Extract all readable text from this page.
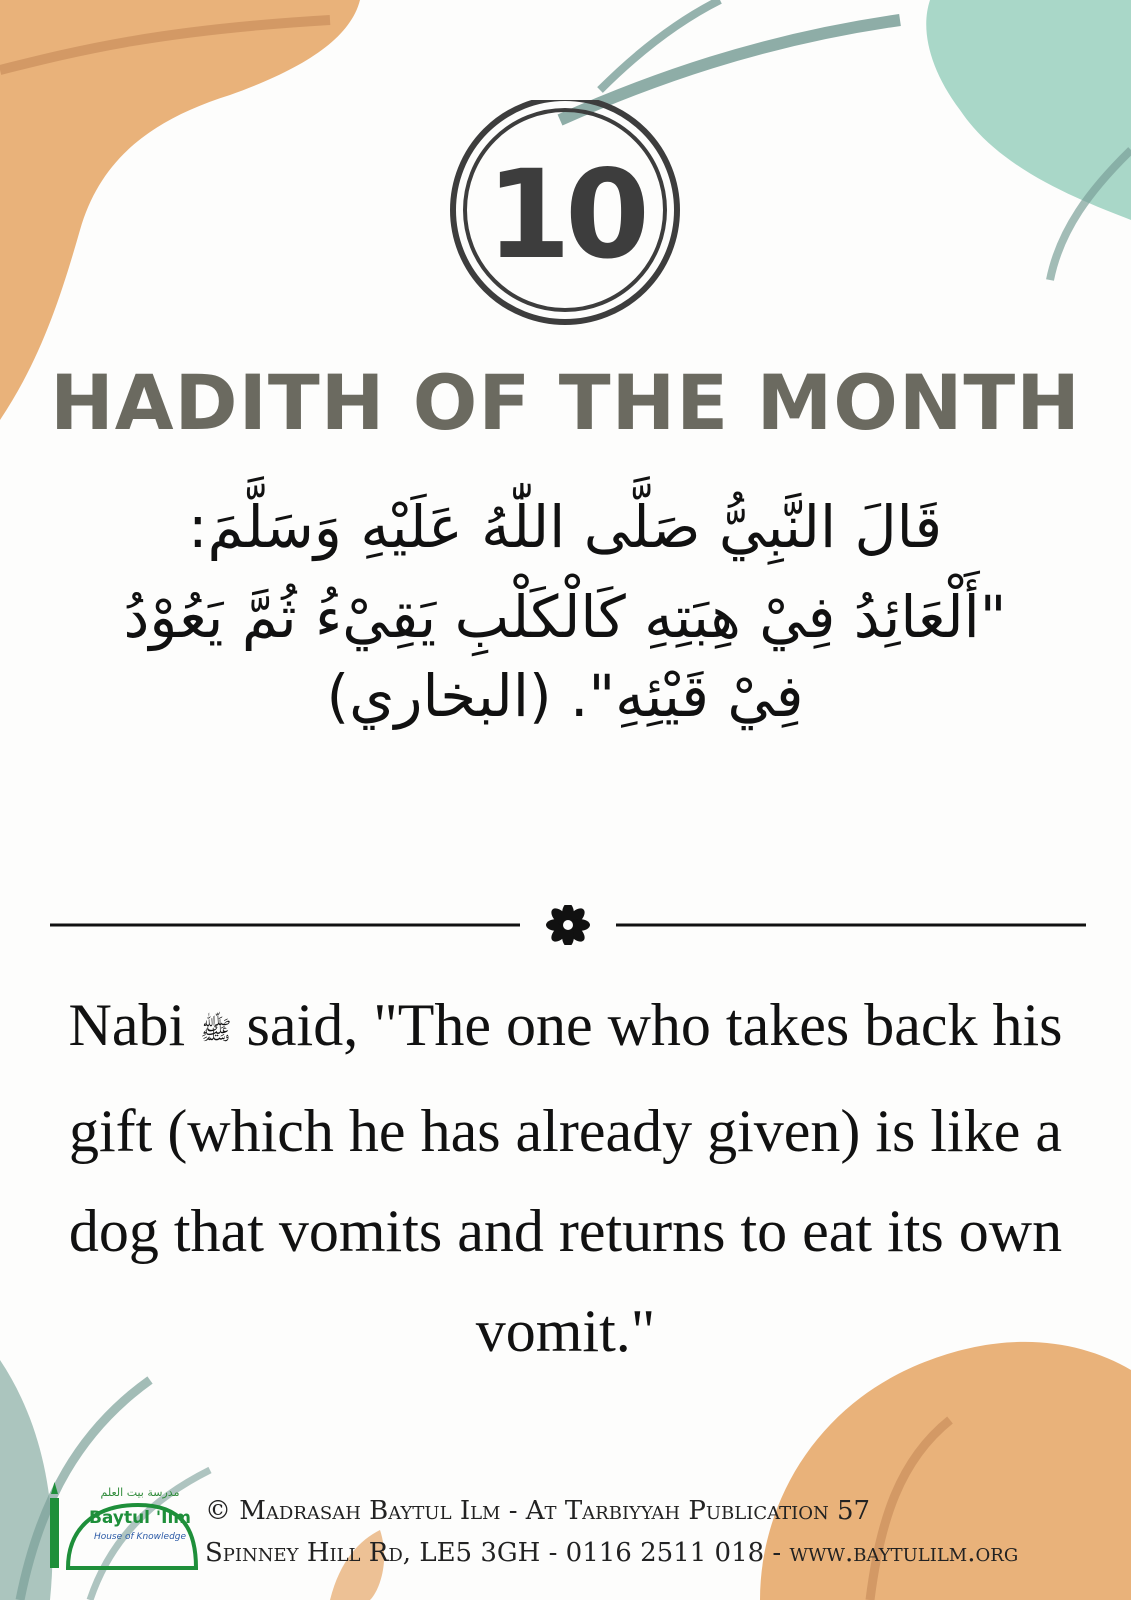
10
HADITH OF THE MONTH
قَالَ النَّبِيُّ صَلَّى اللّٰهُ عَلَيْهِ وَسَلَّمَ:
"أَلْعَائِدُ فِيْ هِبَتِهِ كَالْكَلْبِ يَقِيْءُ ثُمَّ يَعُوْدُ فِيْ قَيْئِهِ". (البخاري)
Nabi ﷺ said, "The one who takes back his gift (which he has already given) is like a dog that vomits and returns to eat its own vomit."
مدرسة بيت العلم
Baytul 'Ilm
House of Knowledge
© Madrasah Baytul Ilm - At Tarbiyyah Publication 57
Spinney Hill Rd, LE5 3GH - 0116 2511 018 - www.baytulilm.org
